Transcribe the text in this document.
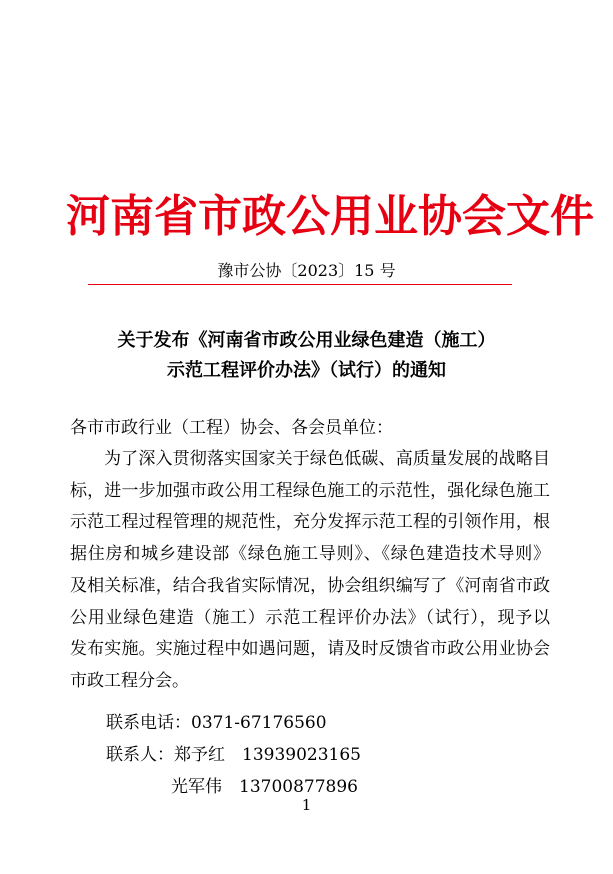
河南省市政公用业协会文件
豫市公协〔2023〕15 号
关于发布《河南省市政公用业绿色建造（施工）
示范工程评价办法》（试行）的通知
各市市政行业（工程）协会、各会员单位：
为了深入贯彻落实国家关于绿色低碳、高质量发展的战略目
标，进一步加强市政公用工程绿色施工的示范性，强化绿色施工
示范工程过程管理的规范性，充分发挥示范工程的引领作用，根
据住房和城乡建设部《绿色施工导则》、《绿色建造技术导则》
及相关标准，结合我省实际情况，协会组织编写了《河南省市政
公用业绿色建造（施工）示范工程评价办法》（试行），现予以
发布实施。实施过程中如遇问题，请及时反馈省市政公用业协会
市政工程分会。
联系电话：0371-67176560
联系人：郑予红　13939023165
光军伟　13700877896
1
